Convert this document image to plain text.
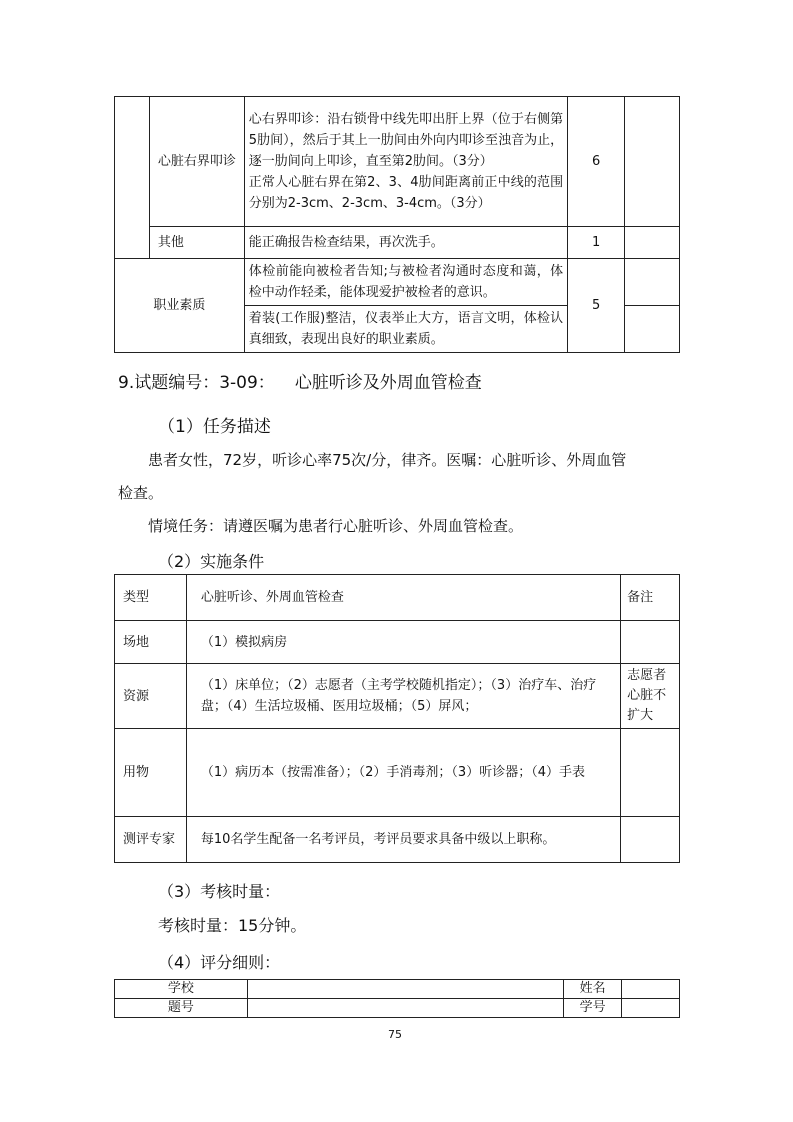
	心脏右界叩诊	心右界叩诊：沿右锁骨中线先叩出肝上界（位于右侧第5肋间），然后于其上一肋间由外向内叩诊至浊音为止，逐一肋间向上叩诊，直至第2肋间。（3分）
正常人心脏右界在第2、3、4肋间距离前正中线的范围分别为2-3cm、2-3cm、3-4cm。（3分）	6	
	其他	能正确报告检查结果，再次洗手。	1	
职业素质		体检前能向被检者告知;与被检者沟通时态度和蔼，体检中动作轻柔，能体现爱护被检者的意识。	5	
		着装(工作服)整洁，仪表举止大方，语言文明，体检认真细致，表现出良好的职业素质。		
9.试题编号：3-09： 心脏听诊及外周血管检查
（1）任务描述
患者女性，72岁，听诊心率75次/分，律齐。医嘱：心脏听诊、外周血管
检查。
情境任务：请遵医嘱为患者行心脏听诊、外周血管检查。
（2）实施条件
类型	心脏听诊、外周血管检查	备注
场地	（1）模拟病房	
资源	（1）床单位；（2）志愿者（主考学校随机指定）；（3）治疗车、治疗盘；（4）生活垃圾桶、医用垃圾桶；（5）屏风；	志愿者心脏不扩大
用物	（1）病历本（按需准备）；（2）手消毒剂；（3）听诊器；（4）手表	
测评专家	每10名学生配备一名考评员，考评员要求具备中级以上职称。	
（3）考核时量：
考核时量：15分钟。
（4）评分细则：
学校		姓名	
题号		学号	
75
